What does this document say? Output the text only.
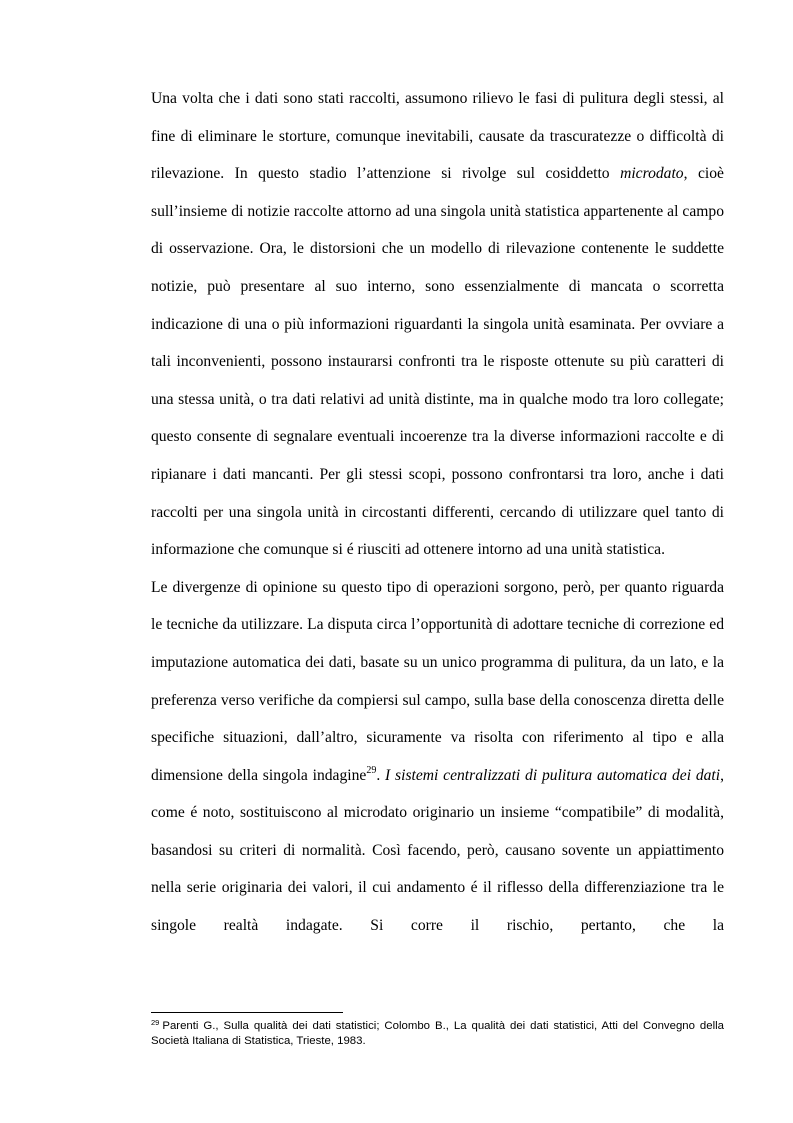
Una volta che i dati sono stati raccolti, assumono rilievo le fasi di pulitura degli stessi, al fine di eliminare le storture, comunque inevitabili, causate da trascuratezze o difficoltà di rilevazione. In questo stadio l’attenzione si rivolge sul cosiddetto microdato, cioè sull’insieme di notizie raccolte attorno ad una singola unità statistica appartenente al campo di osservazione. Ora, le distorsioni che un modello di rilevazione contenente le suddette notizie, può presentare al suo interno, sono essenzialmente di mancata o scorretta indicazione di una o più informazioni riguardanti la singola unità esaminata. Per ovviare a tali inconvenienti, possono instaurarsi confronti tra le risposte ottenute su più caratteri di una stessa unità, o tra dati relativi ad unità distinte, ma in qualche modo tra loro collegate; questo consente di segnalare eventuali incoerenze tra la diverse informazioni raccolte e di ripianare i dati mancanti. Per gli stessi scopi, possono confrontarsi tra loro, anche i dati raccolti per una singola unità in circostanti differenti, cercando di utilizzare quel tanto di informazione che comunque si é riusciti ad ottenere intorno ad una unità statistica.

Le divergenze di opinione su questo tipo di operazioni sorgono, però, per quanto riguarda le tecniche da utilizzare. La disputa circa l’opportunità di adottare tecniche di correzione ed imputazione automatica dei dati, basate su un unico programma di pulitura, da un lato, e la preferenza verso verifiche da compiersi sul campo, sulla base della conoscenza diretta delle specifiche situazioni, dall’altro, sicuramente va risolta con riferimento al tipo e alla dimensione della singola indagine$^{29}$. I sistemi centralizzati di pulitura automatica dei dati, come é noto, sostituiscono al microdato originario un insieme “compatibile” di modalità, basandosi su criteri di normalità. Così facendo, però, causano sovente un appiattimento nella serie originaria dei valori, il cui andamento é il riflesso della differenziazione tra le singole realtà indagate. Si corre il rischio, pertanto, che la

$^{29}$ Parenti G., Sulla qualità dei dati statistici; Colombo B., La qualità dei dati statistici, Atti del Convegno della Società Italiana di Statistica, Trieste, 1983.
